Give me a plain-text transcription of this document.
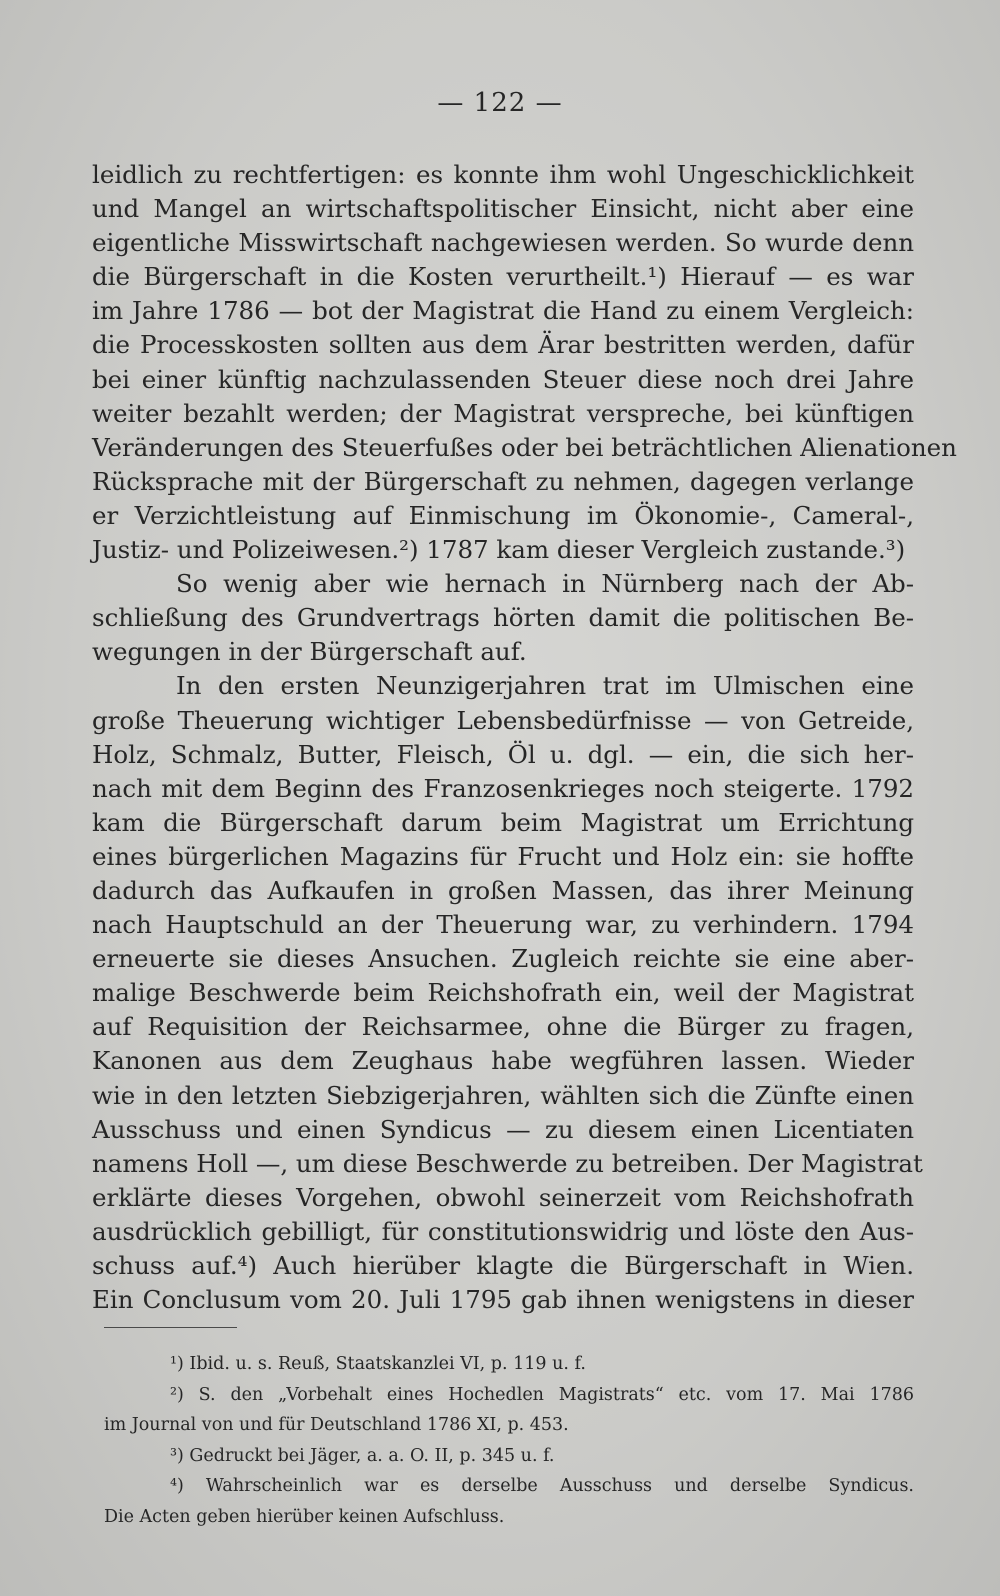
— 122 —
leidlich zu rechtfertigen: es konnte ihm wohl Ungeschicklichkeit
und Mangel an wirtschaftspolitischer Einsicht, nicht aber eine
eigentliche Misswirtschaft nachgewiesen werden. So wurde denn
die Bürgerschaft in die Kosten verurtheilt.¹) Hierauf — es war
im Jahre 1786 — bot der Magistrat die Hand zu einem Vergleich:
die Processkosten sollten aus dem Ärar bestritten werden, dafür
bei einer künftig nachzulassenden Steuer diese noch drei Jahre
weiter bezahlt werden; der Magistrat verspreche, bei künftigen
Veränderungen des Steuerfußes oder bei beträchtlichen Alienationen
Rücksprache mit der Bürgerschaft zu nehmen, dagegen verlange
er Verzichtleistung auf Einmischung im Ökonomie-, Cameral-,
Justiz- und Polizeiwesen.²) 1787 kam dieser Vergleich zustande.³)
So wenig aber wie hernach in Nürnberg nach der Ab-
schließung des Grundvertrags hörten damit die politischen Be-
wegungen in der Bürgerschaft auf.
In den ersten Neunzigerjahren trat im Ulmischen eine
große Theuerung wichtiger Lebensbedürfnisse — von Getreide,
Holz, Schmalz, Butter, Fleisch, Öl u. dgl. — ein, die sich her-
nach mit dem Beginn des Franzosenkrieges noch steigerte. 1792
kam die Bürgerschaft darum beim Magistrat um Errichtung
eines bürgerlichen Magazins für Frucht und Holz ein: sie hoffte
dadurch das Aufkaufen in großen Massen, das ihrer Meinung
nach Hauptschuld an der Theuerung war, zu verhindern. 1794
erneuerte sie dieses Ansuchen. Zugleich reichte sie eine aber-
malige Beschwerde beim Reichshofrath ein, weil der Magistrat
auf Requisition der Reichsarmee, ohne die Bürger zu fragen,
Kanonen aus dem Zeughaus habe wegführen lassen. Wieder
wie in den letzten Siebzigerjahren, wählten sich die Zünfte einen
Ausschuss und einen Syndicus — zu diesem einen Licentiaten
namens Holl —, um diese Beschwerde zu betreiben. Der Magistrat
erklärte dieses Vorgehen, obwohl seinerzeit vom Reichshofrath
ausdrücklich gebilligt, für constitutionswidrig und löste den Aus-
schuss auf.⁴) Auch hierüber klagte die Bürgerschaft in Wien.
Ein Conclusum vom 20. Juli 1795 gab ihnen wenigstens in dieser
¹) Ibid. u. s. Reuß, Staatskanzlei VI, p. 119 u. f.
²) S. den „Vorbehalt eines Hochedlen Magistrats“ etc. vom 17. Mai 1786
im Journal von und für Deutschland 1786 XI, p. 453.
³) Gedruckt bei Jäger, a. a. O. II, p. 345 u. f.
⁴) Wahrscheinlich war es derselbe Ausschuss und derselbe Syndicus.
Die Acten geben hierüber keinen Aufschluss.
